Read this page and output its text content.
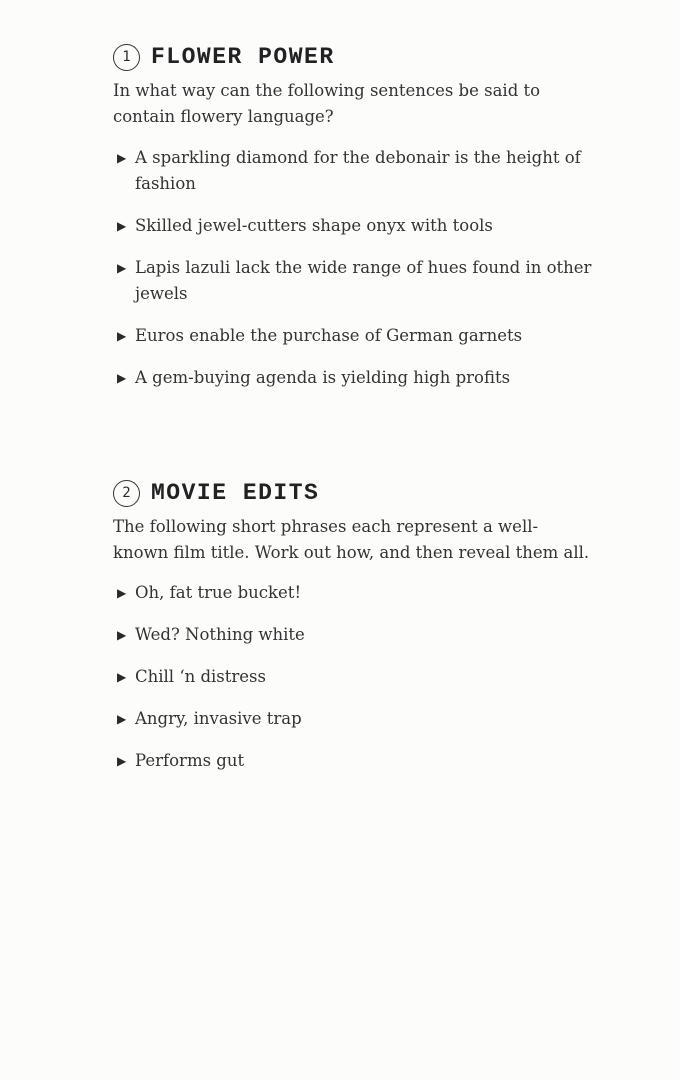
1 FLOWER POWER

In what way can the following sentences be said to contain flowery language?

▶ A sparkling diamond for the debonair is the height of fashion
▶ Skilled jewel-cutters shape onyx with tools
▶ Lapis lazuli lack the wide range of hues found in other jewels
▶ Euros enable the purchase of German garnets
▶ A gem-buying agenda is yielding high profits
2 MOVIE EDITS

The following short phrases each represent a well-known film title. Work out how, and then reveal them all.

▶ Oh, fat true bucket!
▶ Wed? Nothing white
▶ Chill ‘n distress
▶ Angry, invasive trap
▶ Performs gut
